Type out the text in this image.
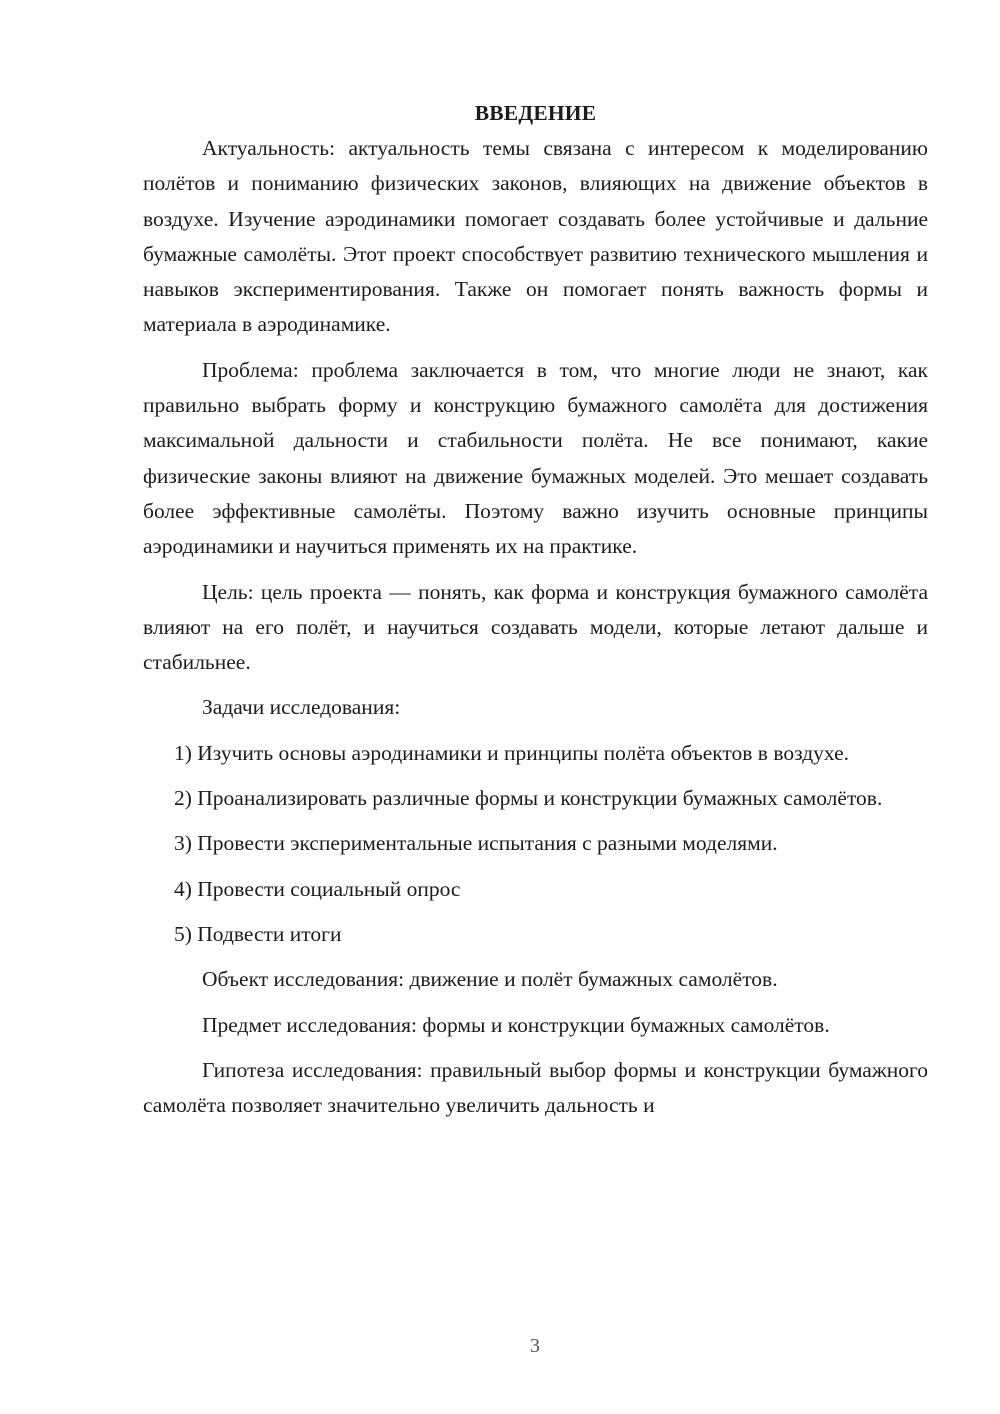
ВВЕДЕНИЕ

Актуальность: актуальность темы связана с интересом к моделированию полётов и пониманию физических законов, влияющих на движение объектов в воздухе. Изучение аэродинамики помогает создавать более устойчивые и дальние бумажные самолёты. Этот проект способствует развитию технического мышления и навыков экспериментирования. Также он помогает понять важность формы и материала в аэродинамике.

Проблема: проблема заключается в том, что многие люди не знают, как правильно выбрать форму и конструкцию бумажного самолёта для достижения максимальной дальности и стабильности полёта. Не все понимают, какие физические законы влияют на движение бумажных моделей. Это мешает создавать более эффективные самолёты. Поэтому важно изучить основные принципы аэродинамики и научиться применять их на практике.

Цель: цель проекта — понять, как форма и конструкция бумажного самолёта влияют на его полёт, и научиться создавать модели, которые летают дальше и стабильнее.

Задачи исследования:

1) Изучить основы аэродинамики и принципы полёта объектов в воздухе.

2) Проанализировать различные формы и конструкции бумажных самолётов.

3) Провести экспериментальные испытания с разными моделями.

4) Провести социальный опрос

5) Подвести итоги

Объект исследования: движение и полёт бумажных самолётов.

Предмет исследования: формы и конструкции бумажных самолётов.

Гипотеза исследования: правильный выбор формы и конструкции бумажного самолёта позволяет значительно увеличить дальность и

3
